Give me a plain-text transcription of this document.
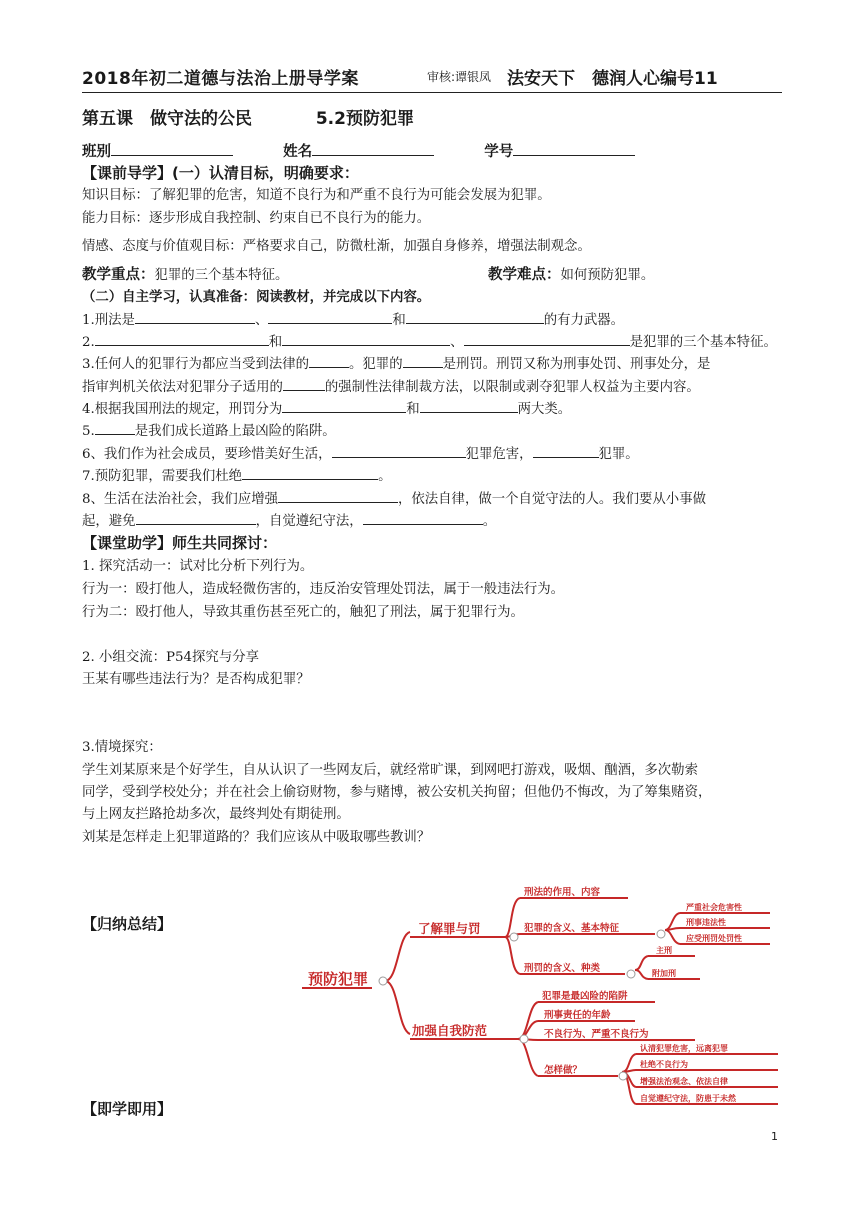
2018年初二道德与法治上册导学案	审核:谭银凤 法安天下　德润人心编号11
第五课　做守法的公民	5.2预防犯罪
班别	姓名	学号
【课前导学】(一）认清目标，明确要求：
知识目标：了解犯罪的危害，知道不良行为和严重不良行为可能会发展为犯罪。
能力目标：逐步形成自我控制、约束自已不良行为的能力。
情感、态度与价值观目标：严格要求自己，防微杜渐，加强自身修养，增强法制观念。
教学重点：犯罪的三个基本特征。	教学难点：如何预防犯罪。
（二）自主学习，认真准备：阅读教材，并完成以下内容。
1.刑法是	、	和	的有力武器。
2.	和	、	是犯罪的三个基本特征。
3.任何人的犯罪行为都应当受到法律的	。犯罪的	是刑罚。刑罚又称为刑事处罚、刑事处分，是
指审判机关依法对犯罪分子适用的	的强制性法律制裁方法，以限制或剥夺犯罪人权益为主要内容。
4.根据我国刑法的规定，刑罚分为	和	两大类。
5.	是我们成长道路上最凶险的陷阱。
6、我们作为社会成员，要珍惜美好生活，	犯罪危害，	犯罪。
7.预防犯罪，需要我们杜绝	。
8、生活在法治社会，我们应增强	，依法自律，做一个自觉守法的人。我们要从小事做
起，避免	，自觉遵纪守法，	。
【课堂助学】师生共同探讨：
1. 探究活动一：试对比分析下列行为。
行为一：殴打他人，造成轻微伤害的，违反治安管理处罚法，属于一般违法行为。
行为二：殴打他人，导致其重伤甚至死亡的，触犯了刑法，属于犯罪行为。
2. 小组交流：P54探究与分享
王某有哪些违法行为？是否构成犯罪？
3.情境探究：
学生刘某原来是个好学生，自从认识了一些网友后，就经常旷课，到网吧打游戏，吸烟、酗酒，多次勒索
同学，受到学校处分；并在社会上偷窃财物，参与赌博，被公安机关拘留；但他仍不悔改，为了筹集赌资，
与上网友拦路抢劫多次，最终判处有期徒刑。
刘某是怎样走上犯罪道路的？我们应该从中吸取哪些教训？
【归纳总结】
【即学即用】
预防犯罪
了解罪与罚
加强自我防范
刑法的作用、内容
犯罪的含义、基本特征
严重社会危害性
刑事违法性
应受刑罚处罚性
刑罚的含义、种类
主刑
附加刑
犯罪是最凶险的陷阱
刑事责任的年龄
不良行为、严重不良行为
怎样做？
认清犯罪危害，远离犯罪
杜绝不良行为
增强法治观念、依法自律
自觉遵纪守法，防患于未然
1
